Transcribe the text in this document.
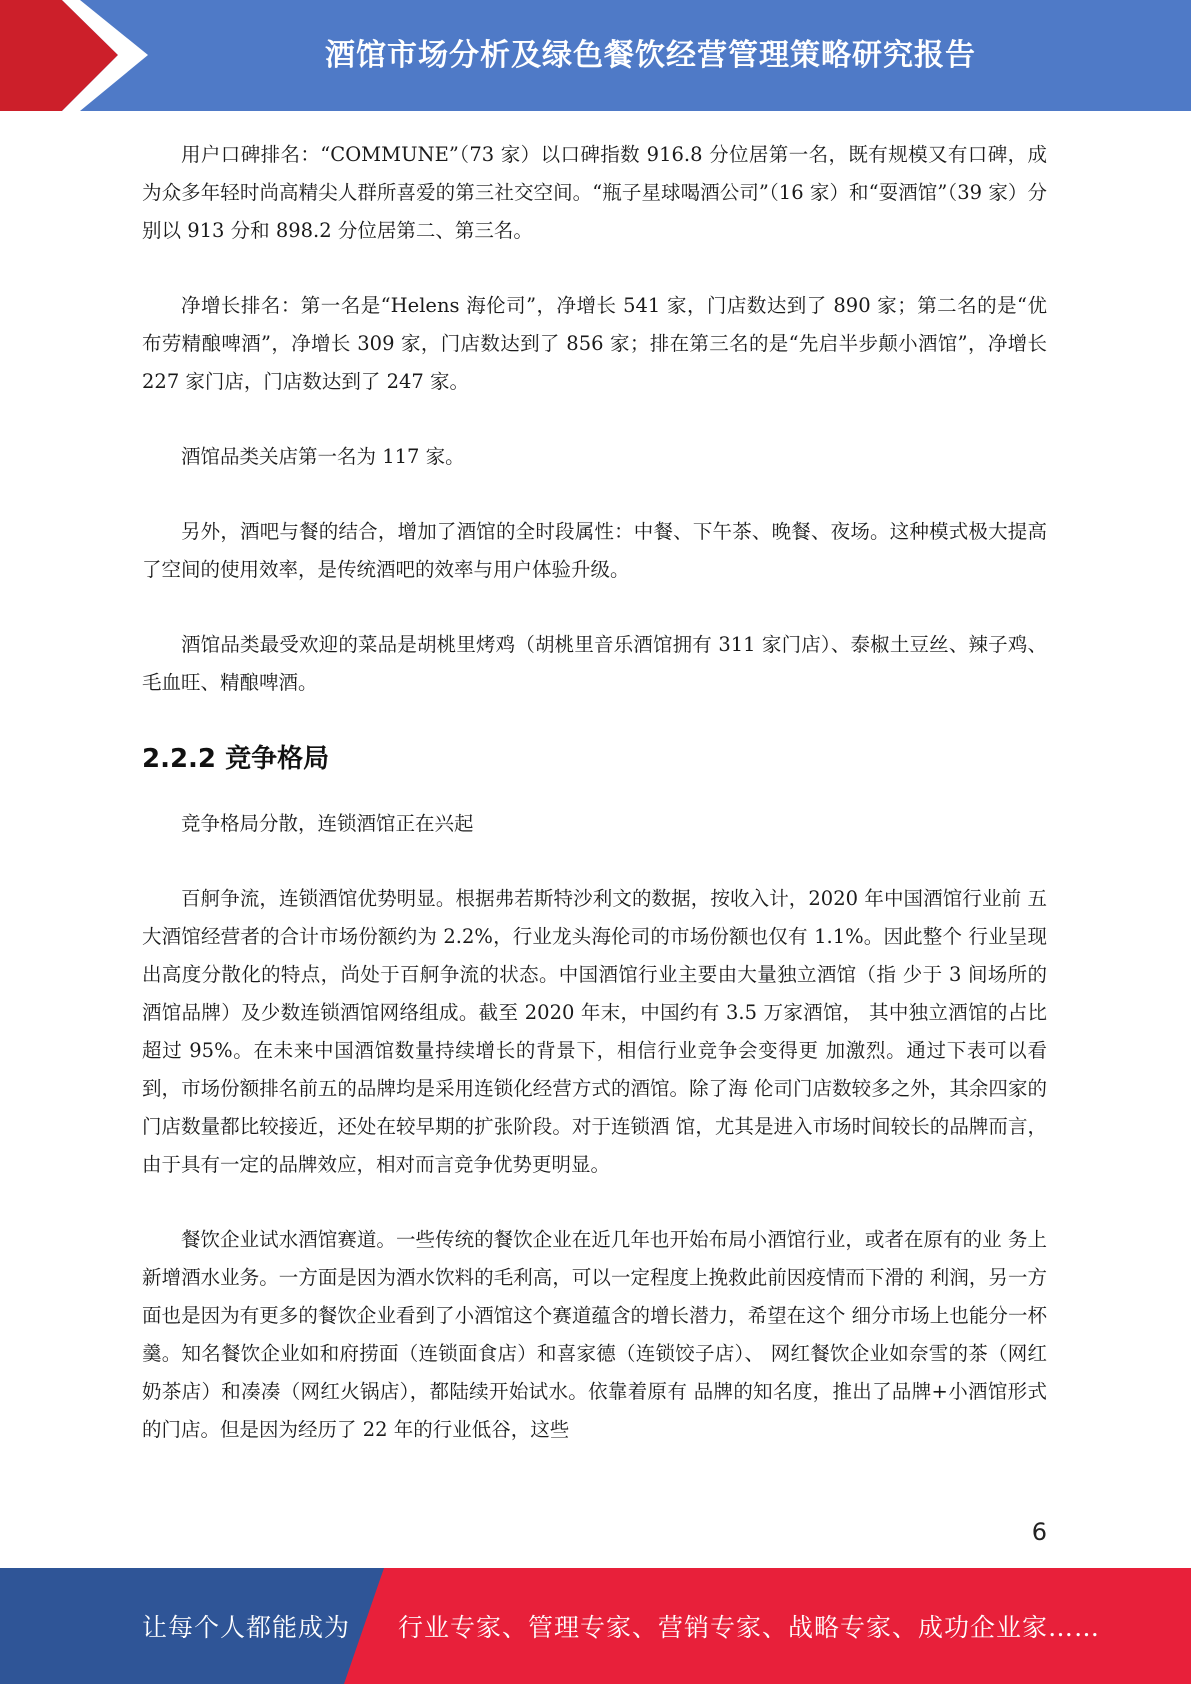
酒馆市场分析及绿色餐饮经营管理策略研究报告

用户口碑排名：“COMMUNE”（73 家）以口碑指数 916.8 分位居第一名，既有规模又有口碑，成为众多年轻时尚高精尖人群所喜爱的第三社交空间。“瓶子星球喝酒公司”（16 家）和“耍酒馆”（39 家）分别以 913 分和 898.2 分位居第二、第三名。

净增长排名：第一名是“Helens 海伦司”，净增长 541 家，门店数达到了 890 家；第二名的是“优布劳精酿啤酒”，净增长 309 家，门店数达到了 856 家；排在第三名的是“先启半步颠小酒馆”，净增长 227 家门店，门店数达到了 247 家。

酒馆品类关店第一名为 117 家。

另外，酒吧与餐的结合，增加了酒馆的全时段属性：中餐、下午茶、晚餐、夜场。这种模式极大提高了空间的使用效率，是传统酒吧的效率与用户体验升级。

酒馆品类最受欢迎的菜品是胡桃里烤鸡（胡桃里音乐酒馆拥有 311 家门店）、泰椒土豆丝、辣子鸡、毛血旺、精酿啤酒。

2.2.2 竞争格局

竞争格局分散，连锁酒馆正在兴起

百舸争流，连锁酒馆优势明显。根据弗若斯特沙利文的数据，按收入计，2020 年中国酒馆行业前 五大酒馆经营者的合计市场份额约为 2.2%，行业龙头海伦司的市场份额也仅有 1.1%。因此整个 行业呈现出高度分散化的特点，尚处于百舸争流的状态。中国酒馆行业主要由大量独立酒馆（指 少于 3 间场所的酒馆品牌）及少数连锁酒馆网络组成。截至 2020 年末，中国约有 3.5 万家酒馆， 其中独立酒馆的占比超过 95%。在未来中国酒馆数量持续增长的背景下，相信行业竞争会变得更 加激烈。通过下表可以看到，市场份额排名前五的品牌均是采用连锁化经营方式的酒馆。除了海 伦司门店数较多之外，其余四家的门店数量都比较接近，还处在较早期的扩张阶段。对于连锁酒 馆，尤其是进入市场时间较长的品牌而言，由于具有一定的品牌效应，相对而言竞争优势更明显。

餐饮企业试水酒馆赛道。一些传统的餐饮企业在近几年也开始布局小酒馆行业，或者在原有的业 务上新增酒水业务。一方面是因为酒水饮料的毛利高，可以一定程度上挽救此前因疫情而下滑的 利润，另一方面也是因为有更多的餐饮企业看到了小酒馆这个赛道蕴含的增长潜力，希望在这个 细分市场上也能分一杯羹。知名餐饮企业如和府捞面（连锁面食店）和喜家德（连锁饺子店）、 网红餐饮企业如奈雪的茶（网红奶茶店）和凑凑（网红火锅店），都陆续开始试水。依靠着原有 品牌的知名度，推出了品牌+小酒馆形式的门店。但是因为经历了 22 年的行业低谷，这些

6
让每个人都能成为 行业专家、管理专家、营销专家、战略专家、成功企业家……
